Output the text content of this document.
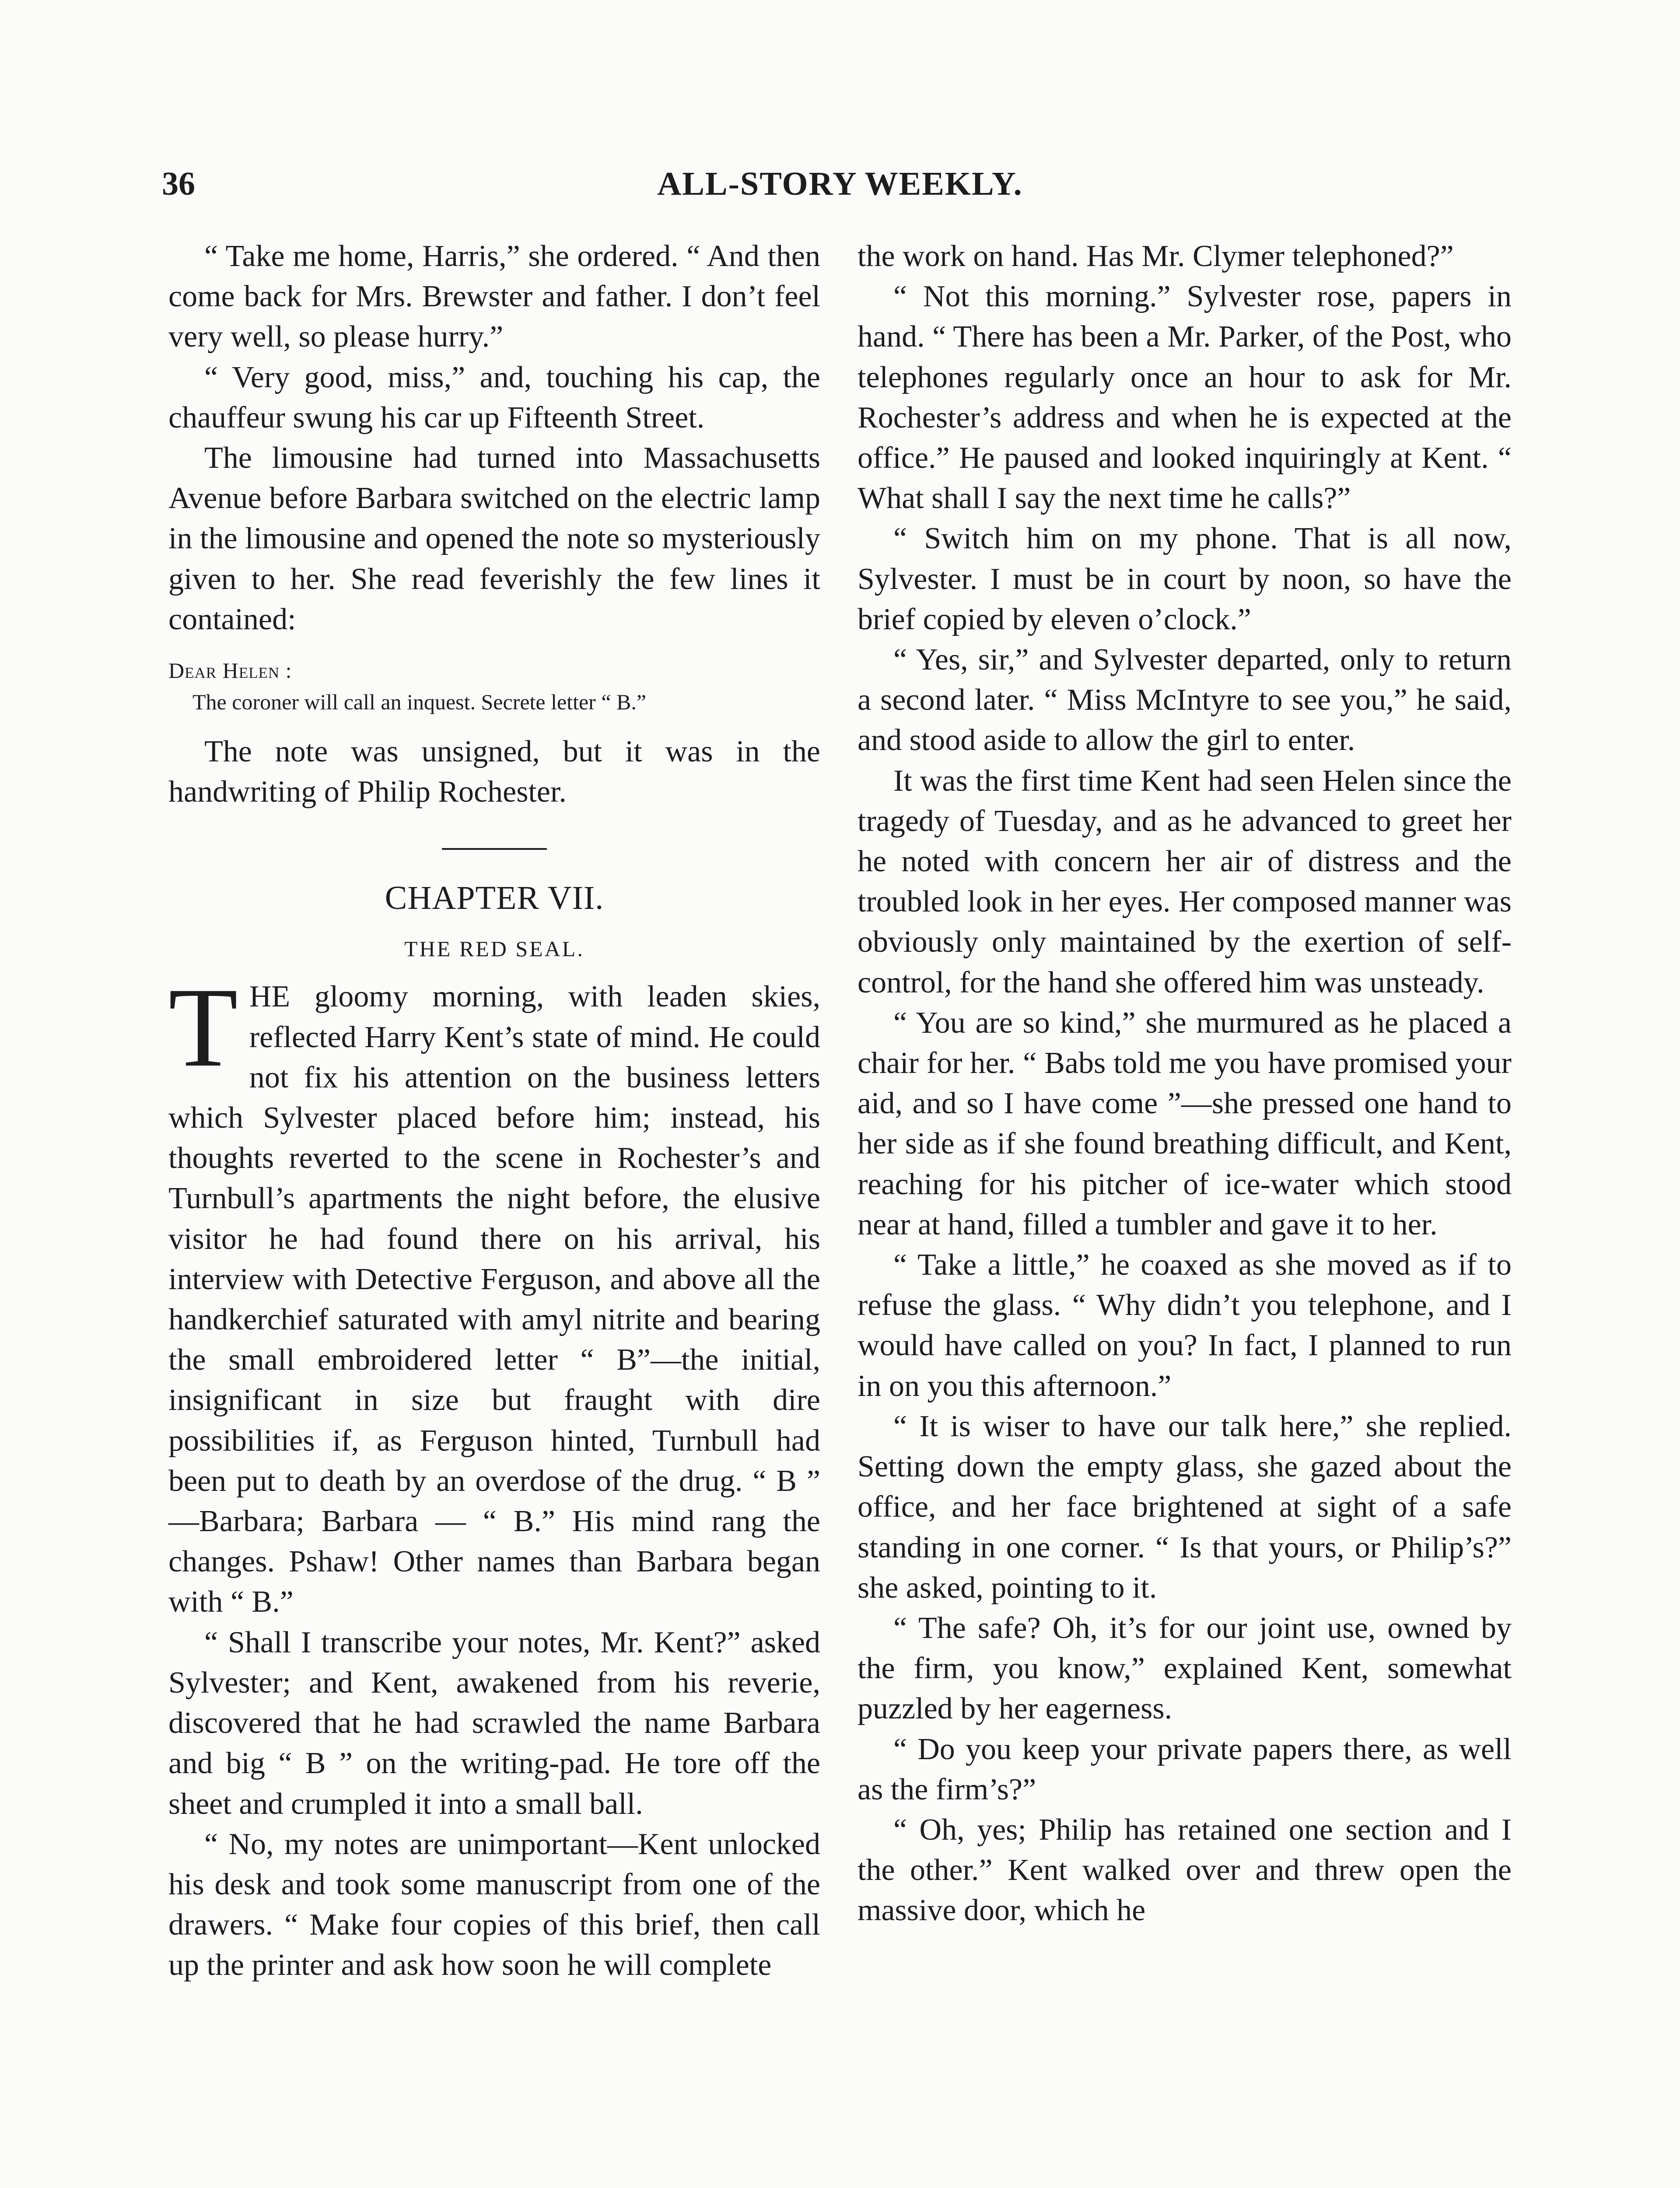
36	ALL-STORY WEEKLY.

“ Take me home, Harris,” she ordered. “ And then come back for Mrs. Brewster and father. I don’t feel very well, so please hurry.”

“ Very good, miss,” and, touching his cap, the chauffeur swung his car up Fifteenth Street.

The limousine had turned into Massachusetts Avenue before Barbara switched on the electric lamp in the limousine and opened the note so mysteriously given to her. She read feverishly the few lines it contained:

Dear Helen :
The coroner will call an inquest. Secrete letter “ B.”

The note was unsigned, but it was in the handwriting of Philip Rochester.

CHAPTER VII.
THE RED SEAL.

THE gloomy morning, with leaden skies, reflected Harry Kent’s state of mind. He could not fix his attention on the business letters which Sylvester placed before him; instead, his thoughts reverted to the scene in Rochester’s and Turnbull’s apartments the night before, the elusive visitor he had found there on his arrival, his interview with Detective Ferguson, and above all the handkerchief saturated with amyl nitrite and bearing the small embroidered letter “ B”—the initial, insignificant in size but fraught with dire possibilities if, as Ferguson hinted, Turnbull had been put to death by an overdose of the drug. “ B ” —Barbara; Barbara — “ B.” His mind rang the changes. Pshaw! Other names than Barbara began with “ B.”

“ Shall I transcribe your notes, Mr. Kent?” asked Sylvester; and Kent, awakened from his reverie, discovered that he had scrawled the name Barbara and big “ B ” on the writing-pad. He tore off the sheet and crumpled it into a small ball.

“ No, my notes are unimportant—Kent unlocked his desk and took some manuscript from one of the drawers. “ Make four copies of this brief, then call up the printer and ask how soon he will complete

the work on hand. Has Mr. Clymer telephoned?”

“ Not this morning.” Sylvester rose, papers in hand. “ There has been a Mr. Parker, of the Post, who telephones regularly once an hour to ask for Mr. Rochester’s address and when he is expected at the office.” He paused and looked inquiringly at Kent. “ What shall I say the next time he calls?”

“ Switch him on my phone. That is all now, Sylvester. I must be in court by noon, so have the brief copied by eleven o’clock.”

“ Yes, sir,” and Sylvester departed, only to return a second later. “ Miss McIntyre to see you,” he said, and stood aside to allow the girl to enter.

It was the first time Kent had seen Helen since the tragedy of Tuesday, and as he advanced to greet her he noted with concern her air of distress and the troubled look in her eyes. Her composed manner was obviously only maintained by the exertion of self-control, for the hand she offered him was unsteady.

“ You are so kind,” she murmured as he placed a chair for her. “ Babs told me you have promised your aid, and so I have come ”—she pressed one hand to her side as if she found breathing difficult, and Kent, reaching for his pitcher of ice-water which stood near at hand, filled a tumbler and gave it to her.

“ Take a little,” he coaxed as she moved as if to refuse the glass. “ Why didn’t you telephone, and I would have called on you? In fact, I planned to run in on you this afternoon.”

“ It is wiser to have our talk here,” she replied. Setting down the empty glass, she gazed about the office, and her face brightened at sight of a safe standing in one corner. “ Is that yours, or Philip’s?” she asked, pointing to it.

“ The safe? Oh, it’s for our joint use, owned by the firm, you know,” explained Kent, somewhat puzzled by her eagerness.

“ Do you keep your private papers there, as well as the firm’s?”

“ Oh, yes; Philip has retained one section and I the other.” Kent walked over and threw open the massive door, which he
